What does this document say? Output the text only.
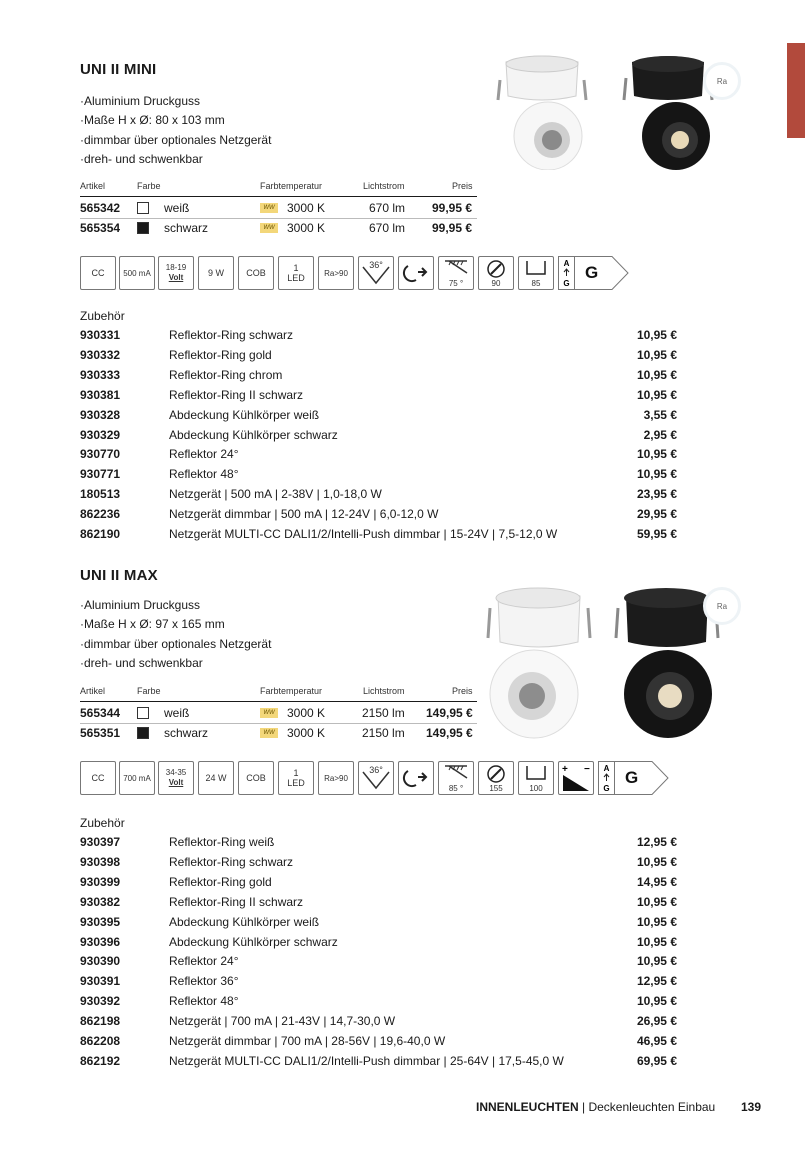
UNI II MINI
· Aluminium Druckguss
· Maße H x Ø: 80 x 103 mm
· dimmbar über optionales Netzgerät
· dreh- und schwenkbar
Artikel	Farbe	Farbtemperatur	Lichtstrom	Preis
565342	weiß	WW 3000 K	670 lm 99,95 €
565354	schwarz	WW 3000 K	670 lm 99,95 €
CC 500 mA
18-19
Volt	9 W COB	1
LED Ra>90
36°
75 °	90	85
A
G
G
Zubehör
930331	Reflektor-Ring schwarz	10,95 €
930332	Reflektor-Ring gold	10,95 €
930333	Reflektor-Ring chrom	10,95 €
930381	Reflektor-Ring II schwarz	10,95 €
930328	Abdeckung Kühlkörper weiß	3,55 €
930329	Abdeckung Kühlkörper schwarz	2,95 €
930770	Reflektor 24°	10,95 €
930771	Reflektor 48°	10,95 €
180513	Netzgerät | 500 mA | 2-38V | 1,0-18,0 W	23,95 €
862236	Netzgerät dimmbar | 500 mA | 12-24V | 6,0-12,0 W	29,95 €
862190	Netzgerät MULTI-CC DALI1/2/Intelli-Push dimmbar | 15-24V | 7,5-12,0 W	59,95 €
Ra
UNI II MAX
· Aluminium Druckguss
· Maße H x Ø: 97 x 165 mm
· dimmbar über optionales Netzgerät
· dreh- und schwenkbar
Artikel	Farbe	Farbtemperatur	Lichtstrom	Preis
565344	weiß	WW 3000 K	2150 lm 149,95 €
565351	schwarz	WW 3000 K	2150 lm 149,95 €
CC 700 mA
34-35
Volt 24 W COB	1
LED Ra>90
36°
85 °	155	100
+ − A
G
G
Zubehör
930397	Reflektor-Ring weiß	12,95 €
930398	Reflektor-Ring schwarz	10,95 €
930399	Reflektor-Ring gold	14,95 €
930382	Reflektor-Ring II schwarz	10,95 €
930395	Abdeckung Kühlkörper weiß	10,95 €
930396	Abdeckung Kühlkörper schwarz	10,95 €
930390	Reflektor 24°	10,95 €
930391	Reflektor 36°	12,95 €
930392	Reflektor 48°	10,95 €
862198	Netzgerät | 700 mA | 21-43V | 14,7-30,0 W	26,95 €
862208	Netzgerät dimmbar | 700 mA | 28-56V | 19,6-40,0 W	46,95 €
862192	Netzgerät MULTI-CC DALI1/2/Intelli-Push dimmbar | 25-64V | 17,5-45,0 W	69,95 €
Ra
INNENLEUCHTEN | Deckenleuchten Einbau 139
